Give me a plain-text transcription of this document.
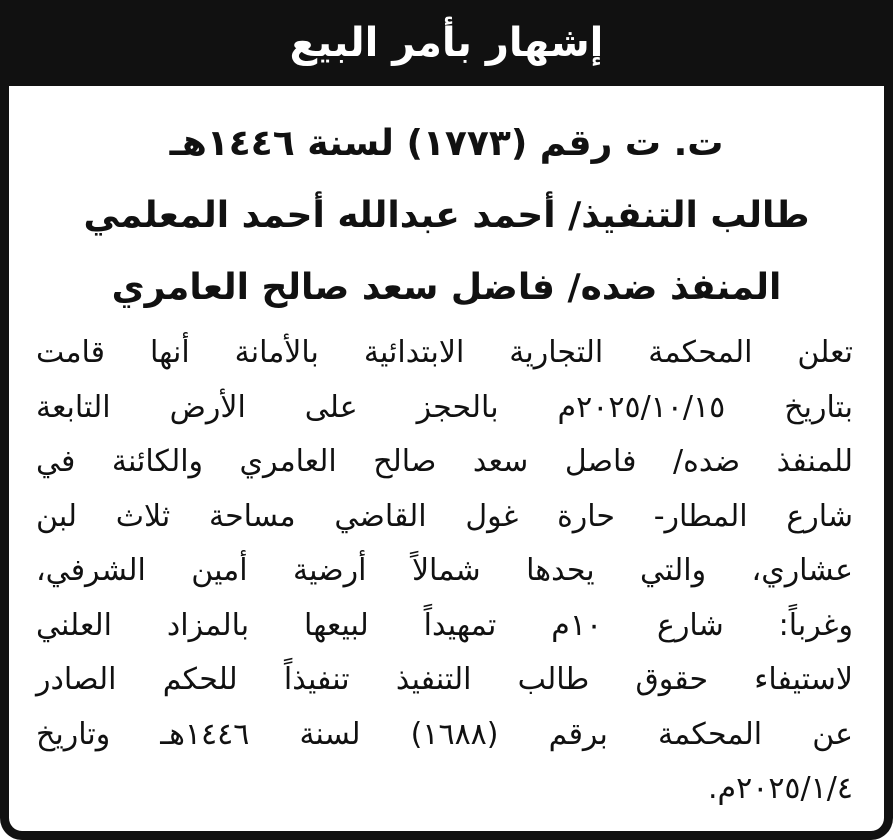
إشهار بأمر البيع
ت. ت رقم (١٧٧٣) لسنة ١٤٤٦هـ
طالب التنفيذ/ أحمد عبدالله أحمد المعلمي
المنفذ ضده/ فاضل سعد صالح العامري
تعلن المحكمة التجارية الابتدائية بالأمانة أنها قامت
بتاريخ ٢٠٢٥/١٠/١٥م بالحجز على الأرض التابعة
للمنفذ ضده/ فاصل سعد صالح العامري والكائنة في
شارع المطار- حارة غول القاضي مساحة ثلاث لبن
عشاري، والتي يحدها شمالاً أرضية أمين الشرفي،
وغرباً: شارع ١٠م تمهيداً لبيعها بالمزاد العلني
لاستيفاء حقوق طالب التنفيذ تنفيذاً للحكم الصادر
عن المحكمة برقم (١٦٨٨) لسنة ١٤٤٦هـ وتاريخ
٢٠٢٥/١/٤م.
